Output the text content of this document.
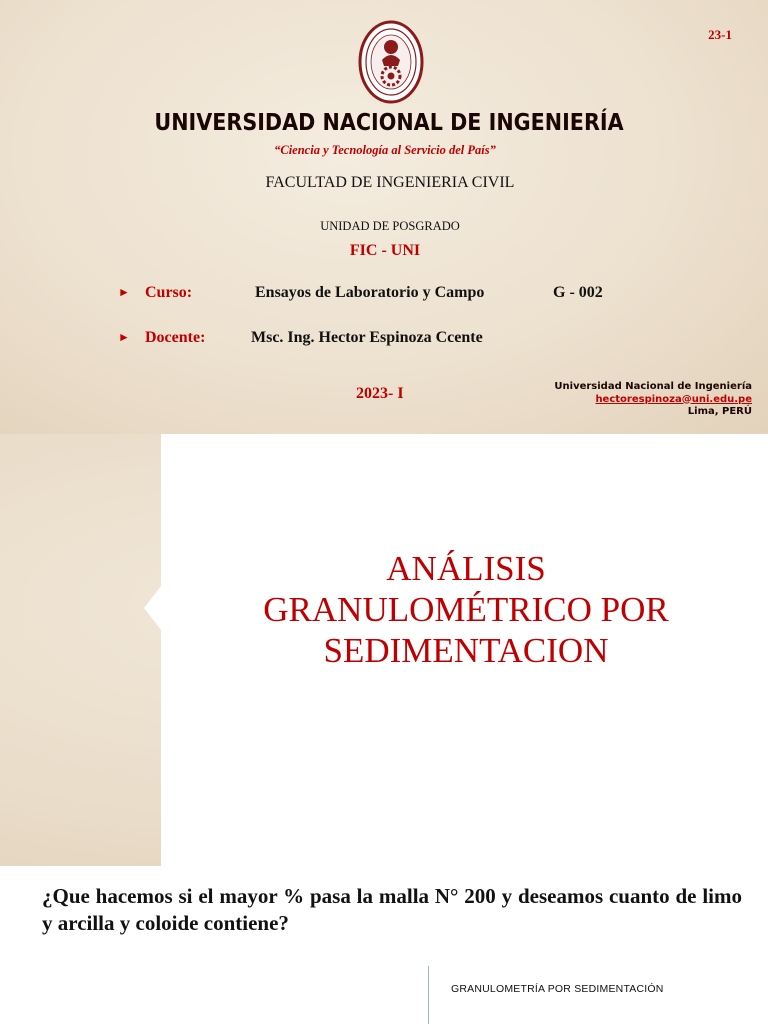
23-1
UNIVERSIDAD NACIONAL DE INGENIERÍA
“Ciencia y Tecnología al Servicio del País”
FACULTAD DE INGENIERIA CIVIL
UNIDAD DE POSGRADO
FIC - UNI
► Curso:	Ensayos de Laboratorio y Campo	G - 002
► Docente:	Msc. Ing. Hector Espinoza Ccente
2023- I	Universidad Nacional de Ingeniería
hectorespinoza@uni.edu.pe
Lima, PERÚ
ANÁLISIS
GRANULOMÉTRICO POR
SEDIMENTACION
¿Que hacemos si el mayor % pasa la malla N° 200 y deseamos cuanto de limo y arcilla y coloide contiene?
GRANULOMETRÍA POR SEDIMENTACIÓN
